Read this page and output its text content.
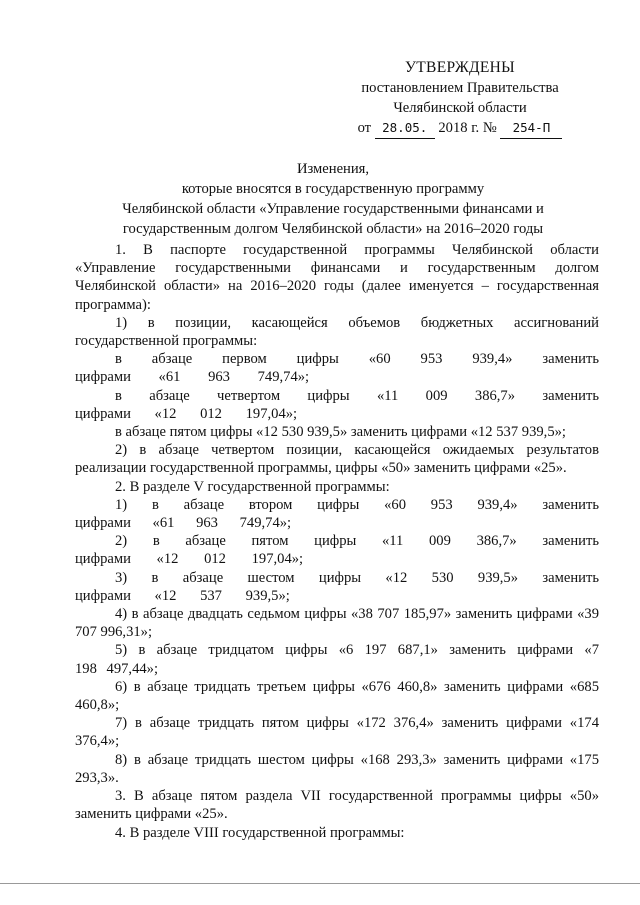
УТВЕРЖДЕНЫ
постановлением Правительства
Челябинской области
от 28.05. 2018 г. № 254-П
Изменения,
которые вносятся в государственную программу
Челябинской области «Управление государственными финансами и
государственным долгом Челябинской области» на 2016–2020 годы

1. В паспорте государственной программы Челябинской области «Управление государственными финансами и государственным долгом Челябинской области» на 2016–2020 годы (далее именуется – государственная программа):

1) в позиции, касающейся объемов бюджетных ассигнований государственной программы:

в абзаце первом цифры «60 953 939,4» заменить цифрами «61 963 749,74»;

в абзаце четвертом цифры «11 009 386,7» заменить цифрами «12 012 197,04»;

в абзаце пятом цифры «12 530 939,5» заменить цифрами «12 537 939,5»;

2) в абзаце четвертом позиции, касающейся ожидаемых результатов реализации государственной программы, цифры «50» заменить цифрами «25».

2. В разделе V государственной программы:

1) в абзаце втором цифры «60 953 939,4» заменить цифрами «61 963 749,74»;

2) в абзаце пятом цифры «11 009 386,7» заменить цифрами «12 012 197,04»;

3) в абзаце шестом цифры «12 530 939,5» заменить цифрами «12 537 939,5»;

4) в абзаце двадцать седьмом цифры «38 707 185,97» заменить цифрами «39 707 996,31»;

5) в абзаце тридцатом цифры «6 197 687,1» заменить цифрами «7 198 497,44»;

6) в абзаце тридцать третьем цифры «676 460,8» заменить цифрами «685 460,8»;

7) в абзаце тридцать пятом цифры «172 376,4» заменить цифрами «174 376,4»;

8) в абзаце тридцать шестом цифры «168 293,3» заменить цифрами «175 293,3».

3. В абзаце пятом раздела VII государственной программы цифры «50» заменить цифрами «25».

4. В разделе VIII государственной программы:
